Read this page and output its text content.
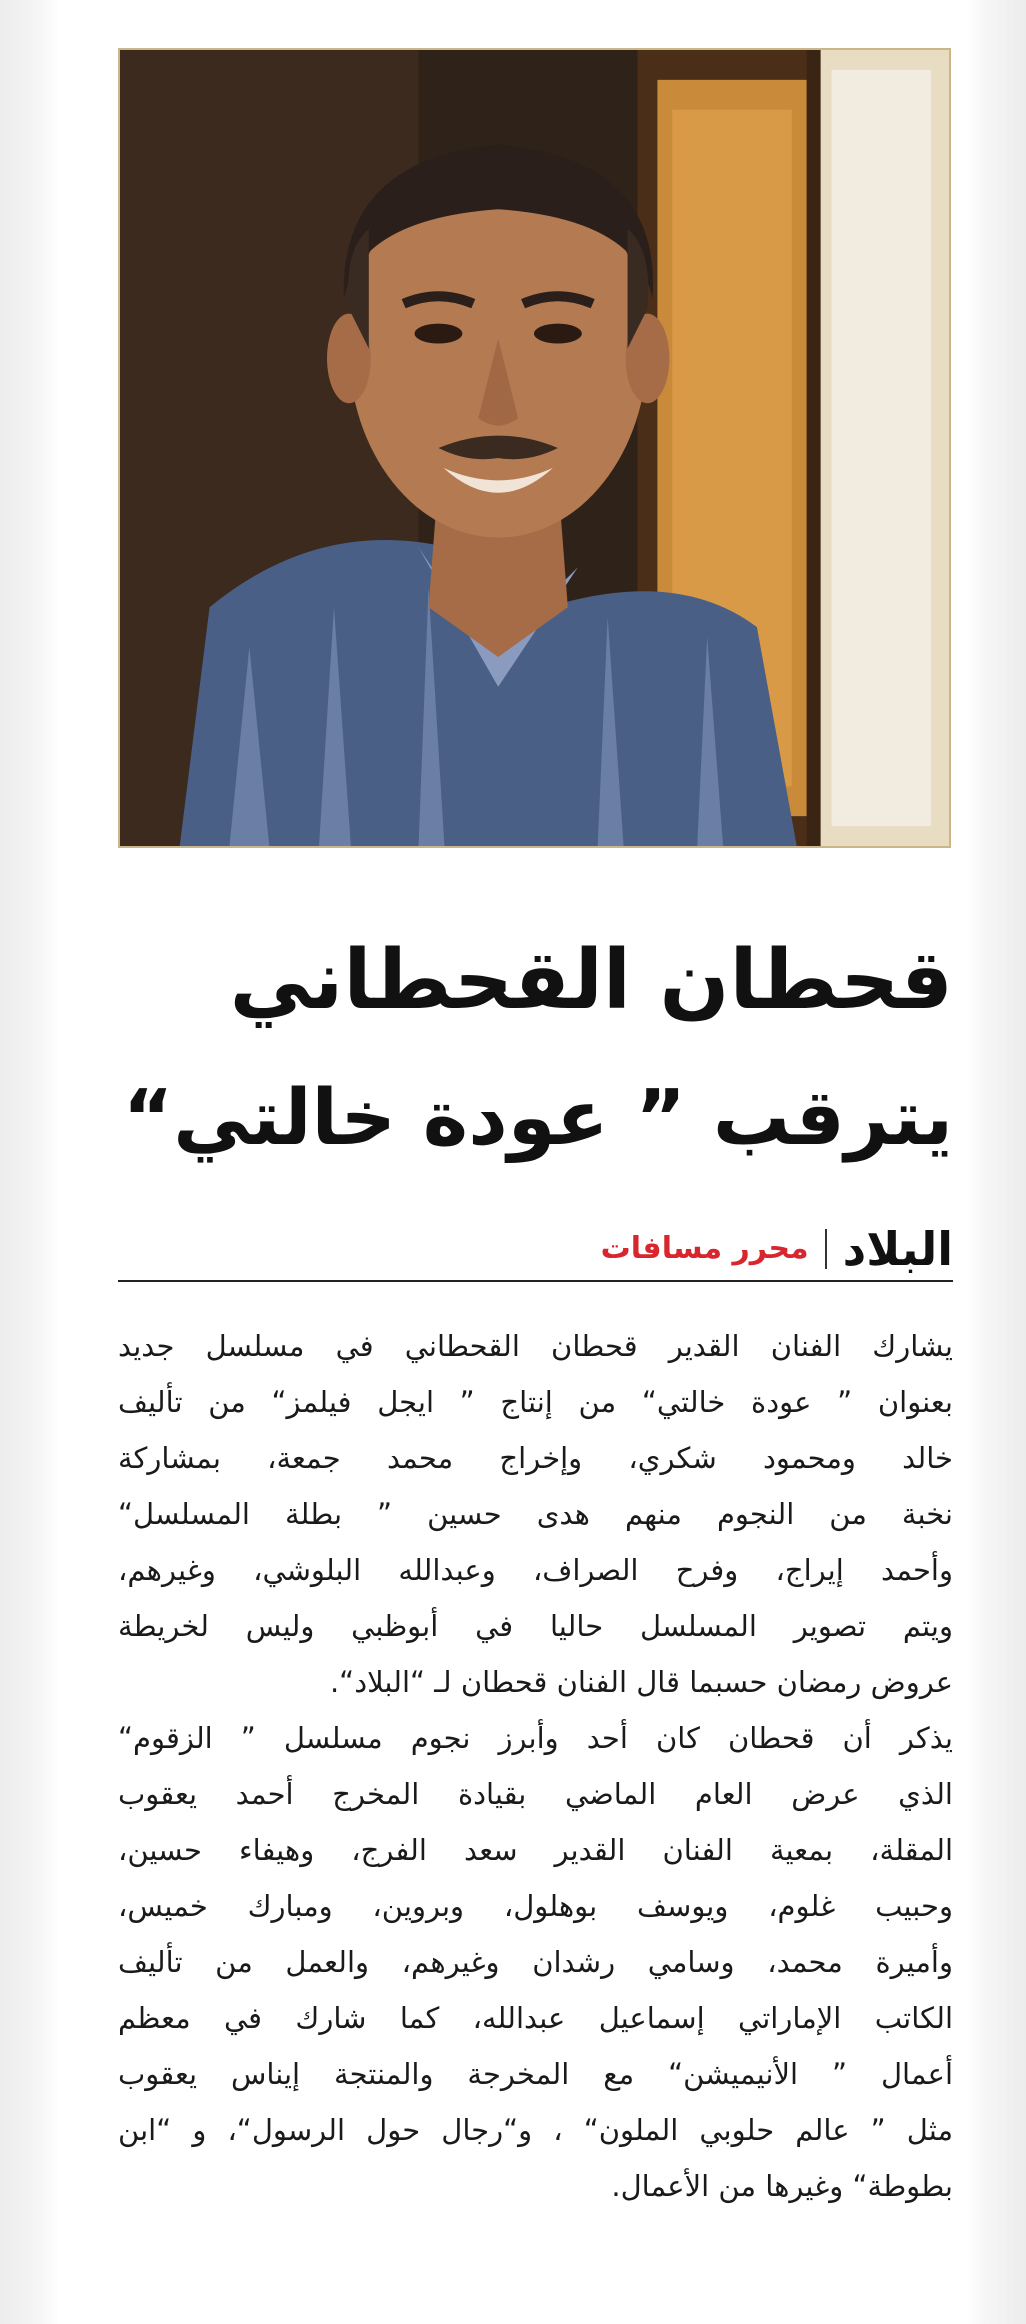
قحطان القحطاني
يترقب ” عودة خالتي“
البلاد
محرر مسافات
يشارك الفنان القدير قحطان القحطاني في مسلسل جديد
بعنوان ” عودة خالتي“ من إنتاج ” ايجل فيلمز“ من تأليف
خالد ومحمود شكري، وإخراج محمد جمعة، بمشاركة
نخبة من النجوم منهم هدى حسين ” بطلة المسلسل“
وأحمد إيراج، وفرح الصراف، وعبدالله البلوشي، وغيرهم،
ويتم تصوير المسلسل حاليا في أبوظبي وليس لخريطة
عروض رمضان حسبما قال الفنان قحطان لـ “البلاد“.
يذكر أن قحطان كان أحد وأبرز نجوم مسلسل ” الزقوم“
الذي عرض العام الماضي بقيادة المخرج أحمد يعقوب
المقلة، بمعية الفنان القدير سعد الفرج، وهيفاء حسين،
وحبيب غلوم، ويوسف بوهلول، وبروين، ومبارك خميس،
وأميرة محمد، وسامي رشدان وغيرهم، والعمل من تأليف
الكاتب الإماراتي إسماعيل عبدالله، كما شارك في معظم
أعمال ” الأنيميشن“ مع المخرجة والمنتجة إيناس يعقوب
مثل ” عالم حلوبي الملون“ ، و“رجال حول الرسول“، و “ابن
بطوطة“ وغيرها من الأعمال.
